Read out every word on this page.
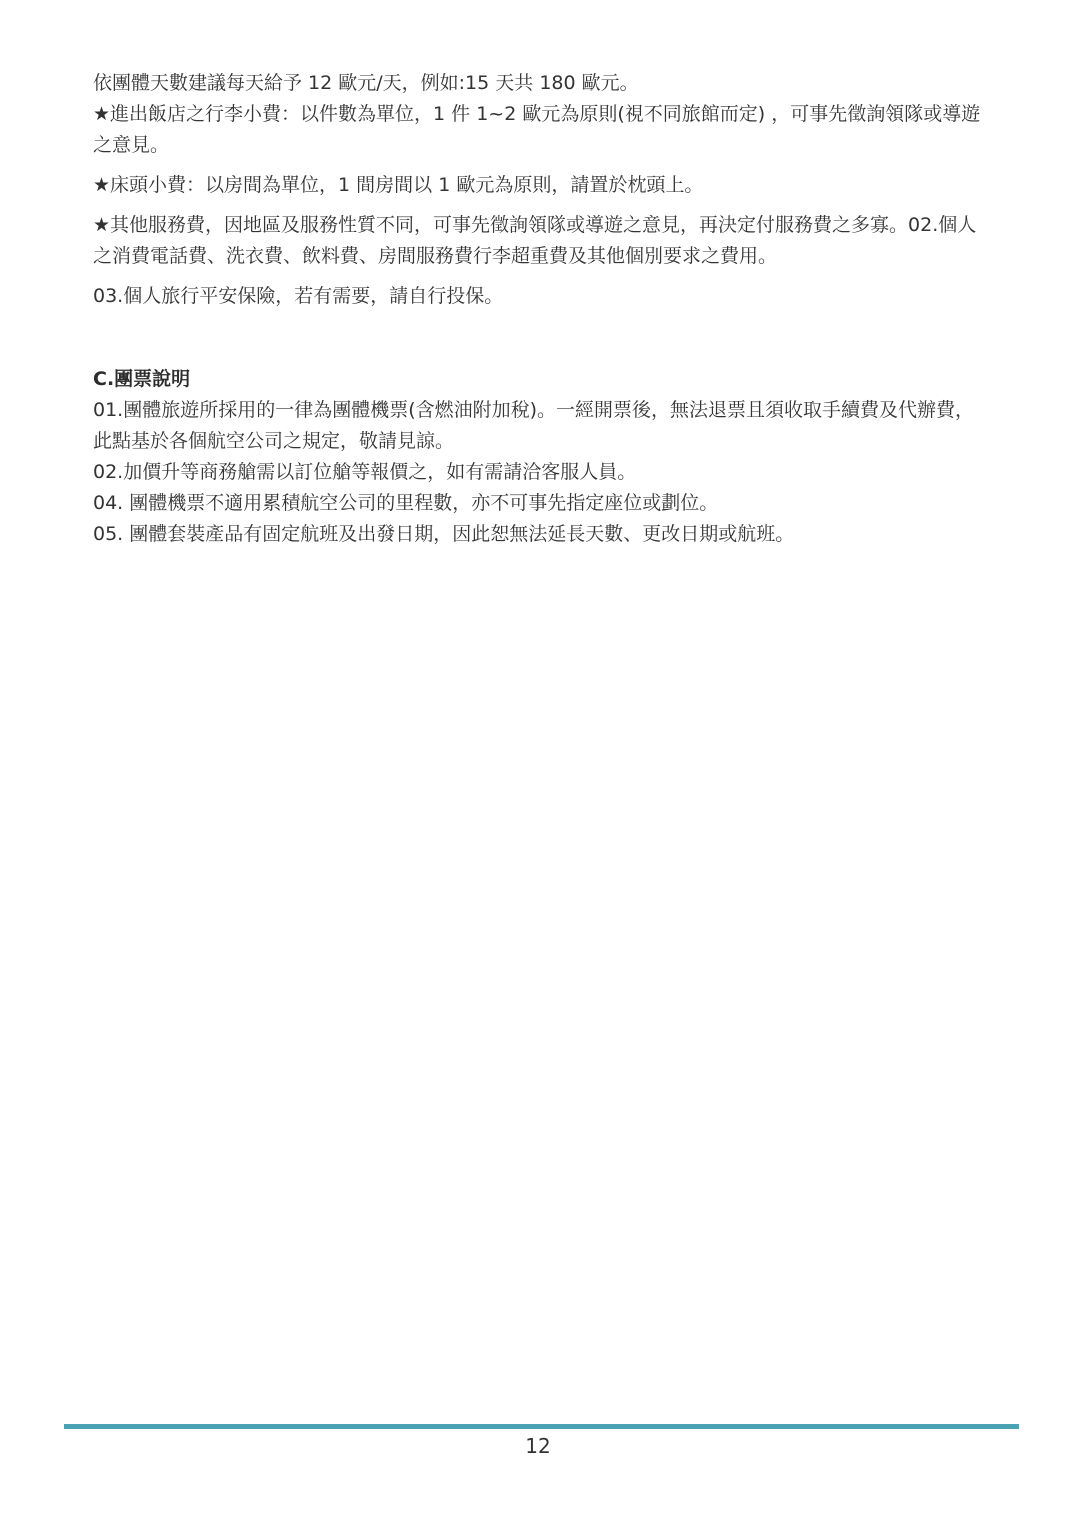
依團體天數建議每天給予 12 歐元/天，例如:15 天共 180 歐元。

★進出飯店之行李小費：以件數為單位，1 件 1~2 歐元為原則(視不同旅館而定) ，可事先徵詢領隊或導遊之意見。

★床頭小費：以房間為單位，1 間房間以 1 歐元為原則，請置於枕頭上。

★其他服務費，因地區及服務性質不同，可事先徵詢領隊或導遊之意見，再決定付服務費之多寡。02.個人之消費電話費、洗衣費、飲料費、房間服務費行李超重費及其他個別要求之費用。

03.個人旅行平安保險，若有需要，請自行投保。

C.團票說明

01.團體旅遊所採用的一律為團體機票(含燃油附加稅)。一經開票後，無法退票且須收取手續費及代辦費，此點基於各個航空公司之規定，敬請見諒。

02.加價升等商務艙需以訂位艙等報價之，如有需請洽客服人員。

04. 團體機票不適用累積航空公司的里程數，亦不可事先指定座位或劃位。

05. 團體套裝產品有固定航班及出發日期，因此恕無法延長天數、更改日期或航班。

12
